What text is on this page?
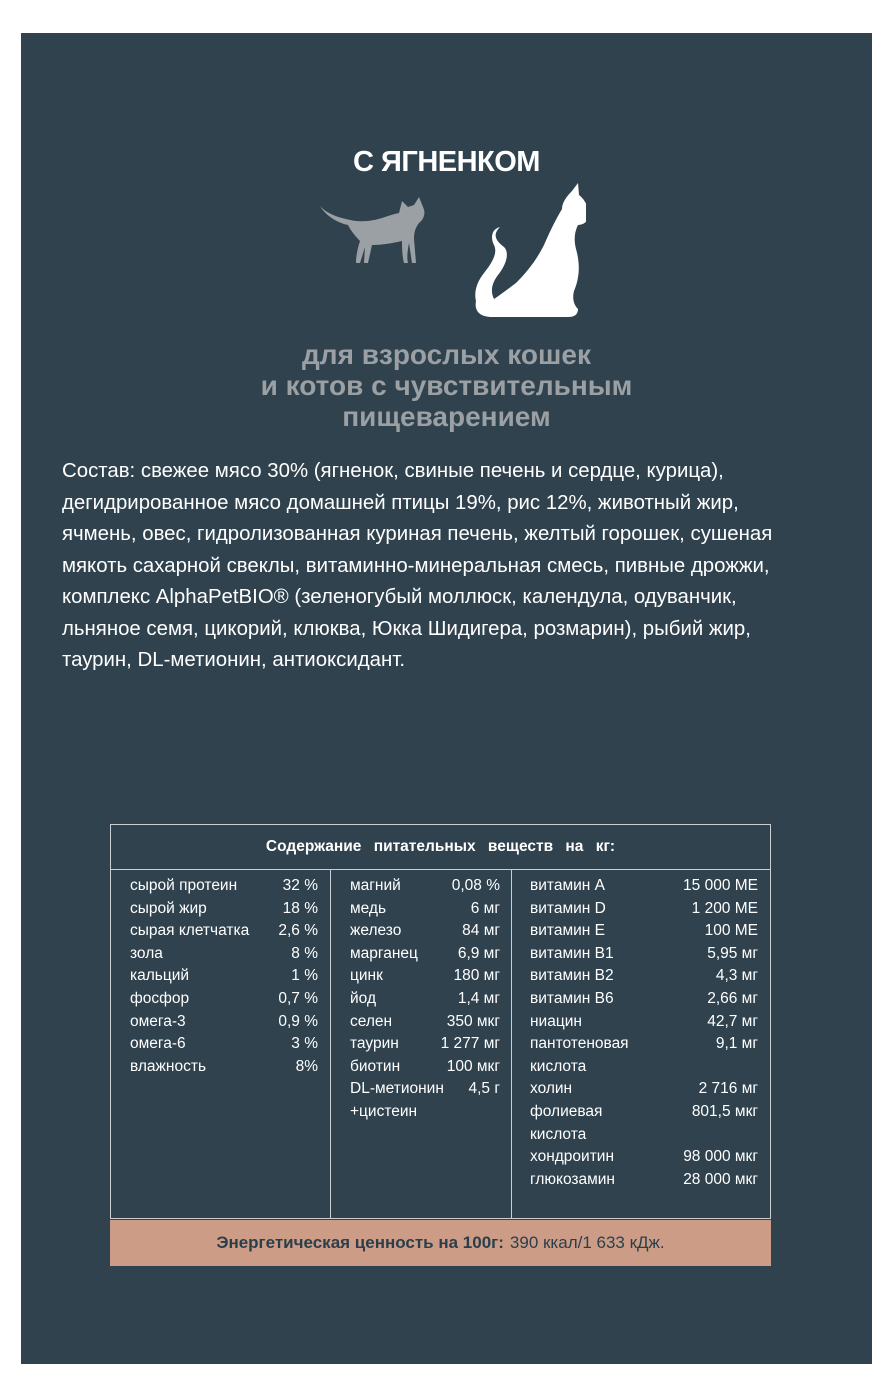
С ЯГНЕНКОМ
для взрослых кошек
и котов с чувствительным
пищеварением
Состав: свежее мясо 30% (ягненок, свиные печень и сердце, курица),
дегидрированное мясо домашней птицы 19%, рис 12%, животный жир,
ячмень, овес, гидролизованная куриная печень, желтый горошек, сушеная
мякоть сахарной свеклы, витаминно-минеральная смесь, пивные дрожжи,
комплекс AlphaPetBIO® (зеленогубый моллюск, календула, одуванчик,
льняное семя, цикорий, клюква, Юкка Шидигера, розмарин), рыбий жир,
таурин, DL-метионин, антиоксидант.
Содержание питательных веществ на кг:
сырой протеин	32 %
сырой жир	18 %
сырая клетчатка 2,6 %
зола	8 %
кальций	1 %
фосфор	0,7 %
омега-3	0,9 %
омега-6	3 %
влажность	8%
магний	0,08 %
медь	6 мг
железо	84 мг
марганец	6,9 мг
цинк	180 мг
йод	1,4 мг
селен	350 мкг
таурин	1 277 мг
биотин	100 мкг
DL-метионин +цистеин
4,5 г
витамин А	15 000 МЕ
витамин D	1 200 МЕ
витамин Е	100 МЕ
витамин В1	5,95 мг
витамин В2	4,3 мг
витамин В6	2,66 мг
ниацин	42,7 мг
пантотеновая кислота
9,1 мг
холин	2 716 мг
фолиевая кислота
801,5 мкг
хондроитин	98 000 мкг
глюкозамин	28 000 мкг
Энергетическая ценность на 100г: 390 ккал/1 633 кДж.
